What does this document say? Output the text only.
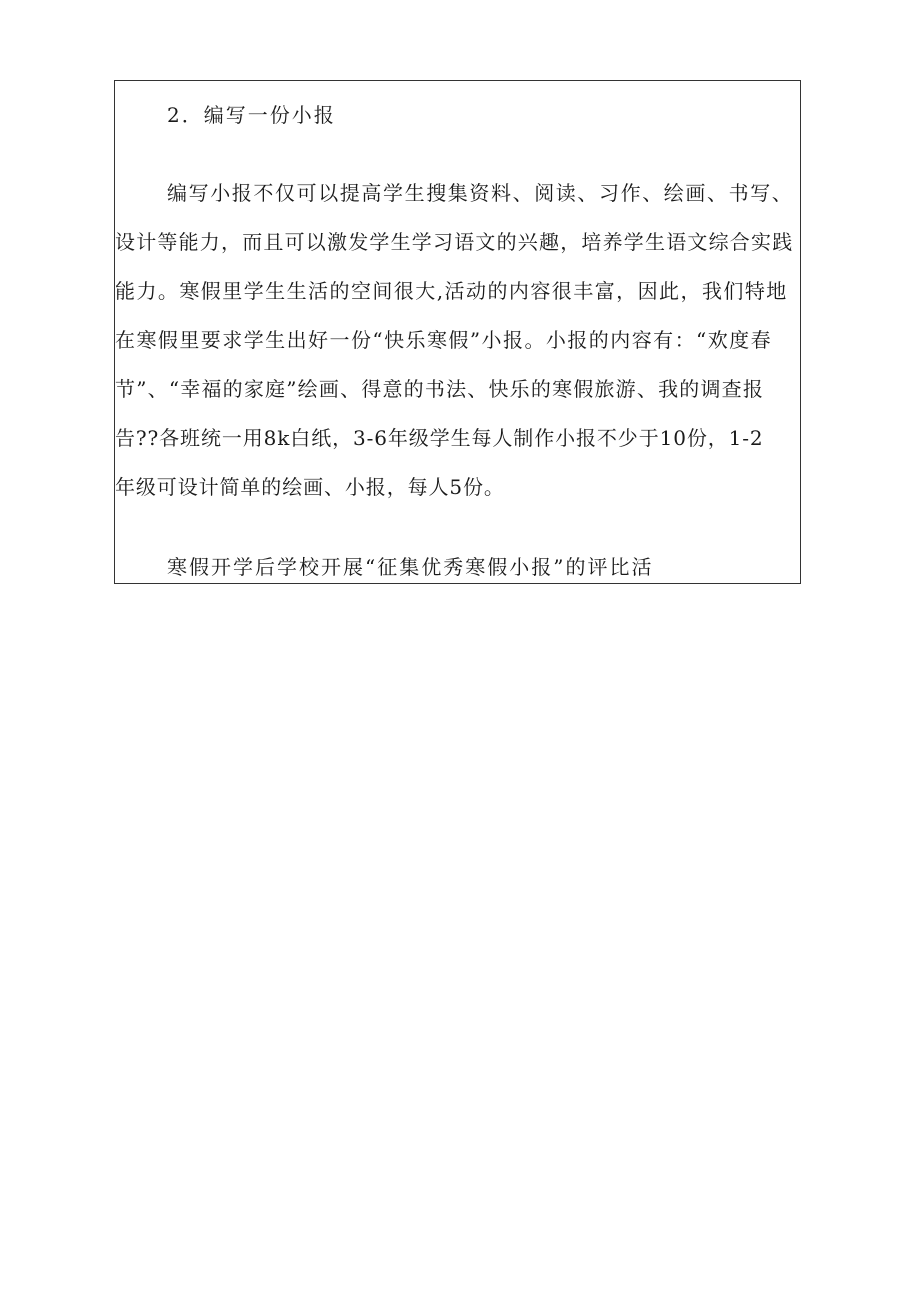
2．编写一份小报
编写小报不仅可以提高学生搜集资料、阅读、习作、绘画、书写、
设计等能力，而且可以激发学生学习语文的兴趣，培养学生语文综合实践
能力。寒假里学生生活的空间很大,活动的内容很丰富，因此，我们特地
在寒假里要求学生出好一份“快乐寒假”小报。小报的内容有：“欢度春
节”、“幸福的家庭”绘画、得意的书法、快乐的寒假旅游、我的调查报
告??各班统一用8k白纸，3-6年级学生每人制作小报不少于10份，1-2
年级可设计简单的绘画、小报，每人5份。
寒假开学后学校开展“征集优秀寒假小报”的评比活
